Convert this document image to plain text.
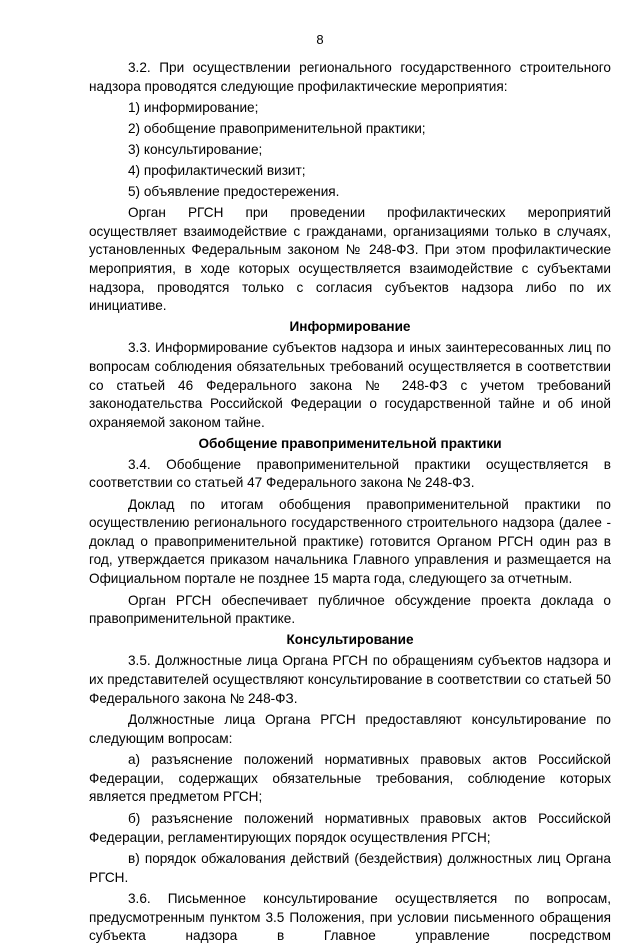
8

3.2. При осуществлении регионального государственного строительного надзора проводятся следующие профилактические мероприятия:

1) информирование;

2) обобщение правоприменительной практики;

3) консультирование;

4) профилактический визит;

5) объявление предостережения.

Орган РГСН при проведении профилактических мероприятий осуществляет взаимодействие с гражданами, организациями только в случаях, установленных Федеральным законом № 248-ФЗ. При этом профилактические мероприятия, в ходе которых осуществляется взаимодействие с субъектами надзора, проводятся только с согласия субъектов надзора либо по их инициативе.

Информирование

3.3. Информирование субъектов надзора и иных заинтересованных лиц по вопросам соблюдения обязательных требований осуществляется в соответствии со статьей 46 Федерального закона № 248-ФЗ с учетом требований законодательства Российской Федерации о государственной тайне и об иной охраняемой законом тайне.

Обобщение правоприменительной практики

3.4. Обобщение правоприменительной практики осуществляется в соответствии со статьей 47 Федерального закона № 248-ФЗ.

Доклад по итогам обобщения правоприменительной практики по осуществлению регионального государственного строительного надзора (далее - доклад о правоприменительной практике) готовится Органом РГСН один раз в год, утверждается приказом начальника Главного управления и размещается на Официальном портале не позднее 15 марта года, следующего за отчетным.

Орган РГСН обеспечивает публичное обсуждение проекта доклада о правоприменительной практике.

Консультирование

3.5. Должностные лица Органа РГСН по обращениям субъектов надзора и их представителей осуществляют консультирование в соответствии со статьей 50 Федерального закона № 248-ФЗ.

Должностные лица Органа РГСН предоставляют консультирование по следующим вопросам:

а) разъяснение положений нормативных правовых актов Российской Федерации, содержащих обязательные требования, соблюдение которых является предметом РГСН;

б) разъяснение положений нормативных правовых актов Российской Федерации, регламентирующих порядок осуществления РГСН;

в) порядок обжалования действий (бездействия) должностных лиц Органа РГСН.

3.6. Письменное консультирование осуществляется по вопросам, предусмотренным пунктом 3.5 Положения, при условии письменного обращения субъекта надзора в Главное управление посредством
